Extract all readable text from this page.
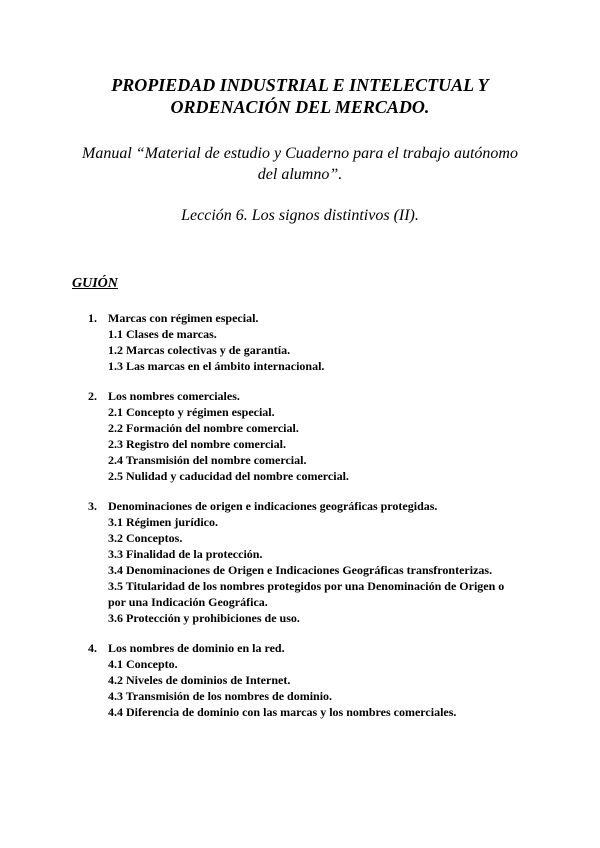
PROPIEDAD INDUSTRIAL E INTELECTUAL Y
ORDENACIÓN DEL MERCADO.

Manual “Material de estudio y Cuaderno para el trabajo autónomo
del alumno”.

Lección 6. Los signos distintivos (II).

GUIÓN

1. Marcas con régimen especial.
1.1 Clases de marcas.
1.2 Marcas colectivas y de garantía.
1.3 Las marcas en el ámbito internacional.
2. Los nombres comerciales.
2.1 Concepto y régimen especial.
2.2 Formación del nombre comercial.
2.3 Registro del nombre comercial.
2.4 Transmisión del nombre comercial.
2.5 Nulidad y caducidad del nombre comercial.
3. Denominaciones de origen e indicaciones geográficas protegidas.
3.1 Régimen jurídico.
3.2 Conceptos.
3.3 Finalidad de la protección.
3.4 Denominaciones de Origen e Indicaciones Geográficas transfronterizas.
3.5 Titularidad de los nombres protegidos por una Denominación de Origen o
por una Indicación Geográfica.
3.6 Protección y prohibiciones de uso.
4. Los nombres de dominio en la red.
4.1 Concepto.
4.2 Niveles de dominios de Internet.
4.3 Transmisión de los nombres de dominio.
4.4 Diferencia de dominio con las marcas y los nombres comerciales.
